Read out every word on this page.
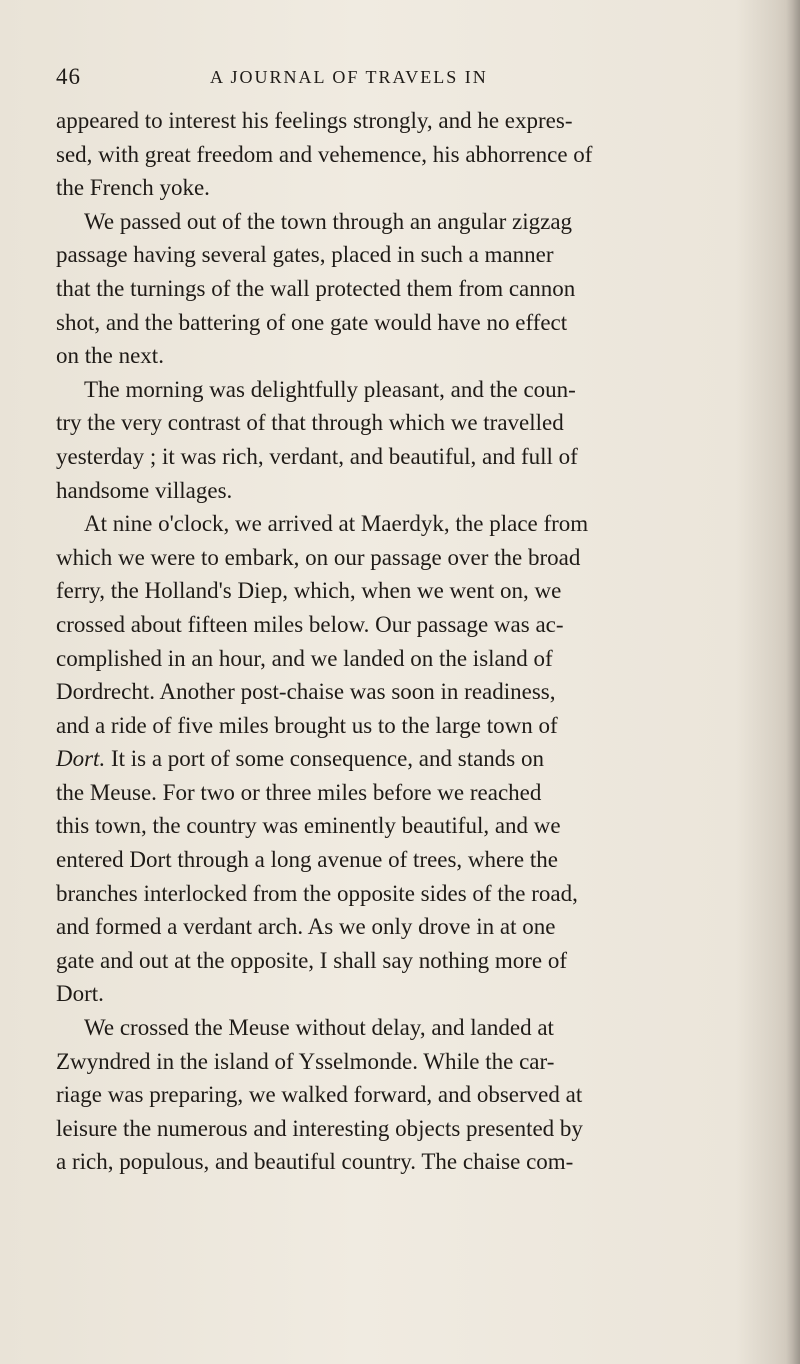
46	A JOURNAL OF TRAVELS IN
appeared to interest his feelings strongly, and he expres-
sed, with great freedom and vehemence, his abhorrence of
the French yoke.
We passed out of the town through an angular zigzag
passage having several gates, placed in such a manner
that the turnings of the wall protected them from cannon
shot, and the battering of one gate would have no effect
on the next.
The morning was delightfully pleasant, and the coun-
try the very contrast of that through which we travelled
yesterday ; it was rich, verdant, and beautiful, and full of
handsome villages.
At nine o'clock, we arrived at Maerdyk, the place from
which we were to embark, on our passage over the broad
ferry, the Holland's Diep, which, when we went on, we
crossed about fifteen miles below. Our passage was ac-
complished in an hour, and we landed on the island of
Dordrecht. Another post-chaise was soon in readiness,
and a ride of five miles brought us to the large town of
Dort. It is a port of some consequence, and stands on
the Meuse. For two or three miles before we reached
this town, the country was eminently beautiful, and we
entered Dort through a long avenue of trees, where the
branches interlocked from the opposite sides of the road,
and formed a verdant arch. As we only drove in at one
gate and out at the opposite, I shall say nothing more of
Dort.
We crossed the Meuse without delay, and landed at
Zwyndred in the island of Ysselmonde. While the car-
riage was preparing, we walked forward, and observed at
leisure the numerous and interesting objects presented by
a rich, populous, and beautiful country. The chaise com-
